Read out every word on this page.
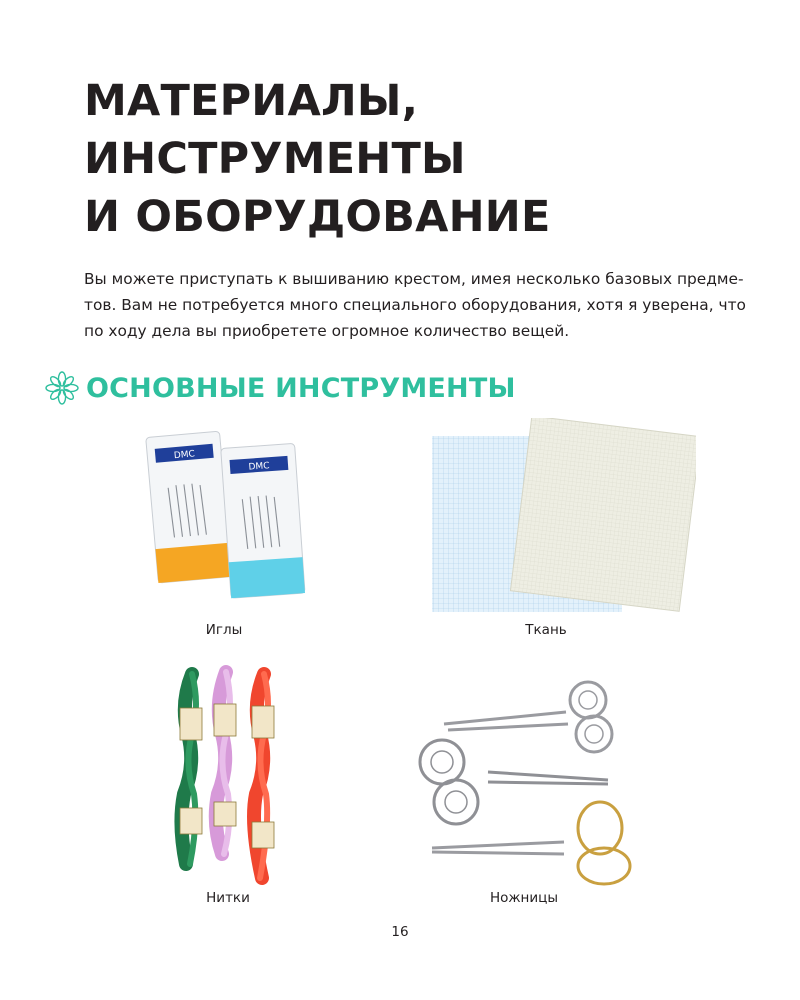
МАТЕРИАЛЫ,
ИНСТРУМЕНТЫ
И ОБОРУДОВАНИЕ

Вы можете приступать к вышиванию крестом, имея несколько базовых предме-
тов. Вам не потребуется много специального оборудования, хотя я уверена, что
по ходу дела вы приобретете огромное количество вещей.

ОСНОВНЫЕ ИНСТРУМЕНТЫ
DMC
DMC
Иглы	Ткань
Нитки	Ножницы
16
